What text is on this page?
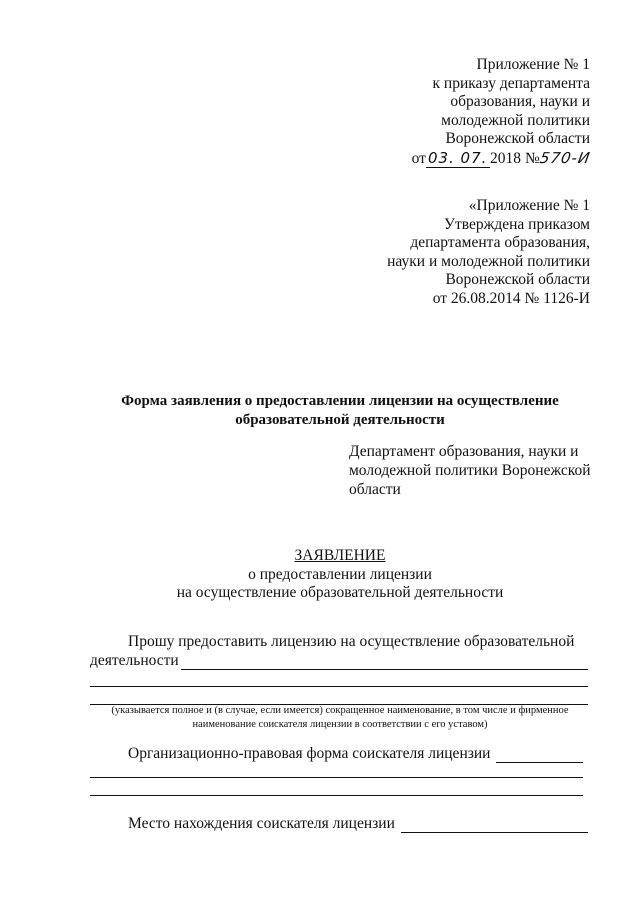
Приложение № 1
к приказу департамента
образования, науки и
молодежной политики
Воронежской области
от 03. 07. 2018 №
570-И
«Приложение № 1
Утверждена приказом
департамента образования,
науки и молодежной политики
Воронежской области
от 26.08.2014 № 1126-И
Форма заявления о предоставлении лицензии на осуществление
образовательной деятельности
Департамент образования, науки и
молодежной политики Воронежской
области
ЗАЯВЛЕНИЕ
о предоставлении лицензии
на осуществление образовательной деятельности
Прошу предоставить лицензию на осуществление образовательной
деятельности
(указывается полное и (в случае, если имеется) сокращенное наименование, в том числе и фирменное
наименование соискателя лицензии в соответствии с его уставом)
Организационно-правовая форма соискателя лицензии
Место нахождения соискателя лицензии
